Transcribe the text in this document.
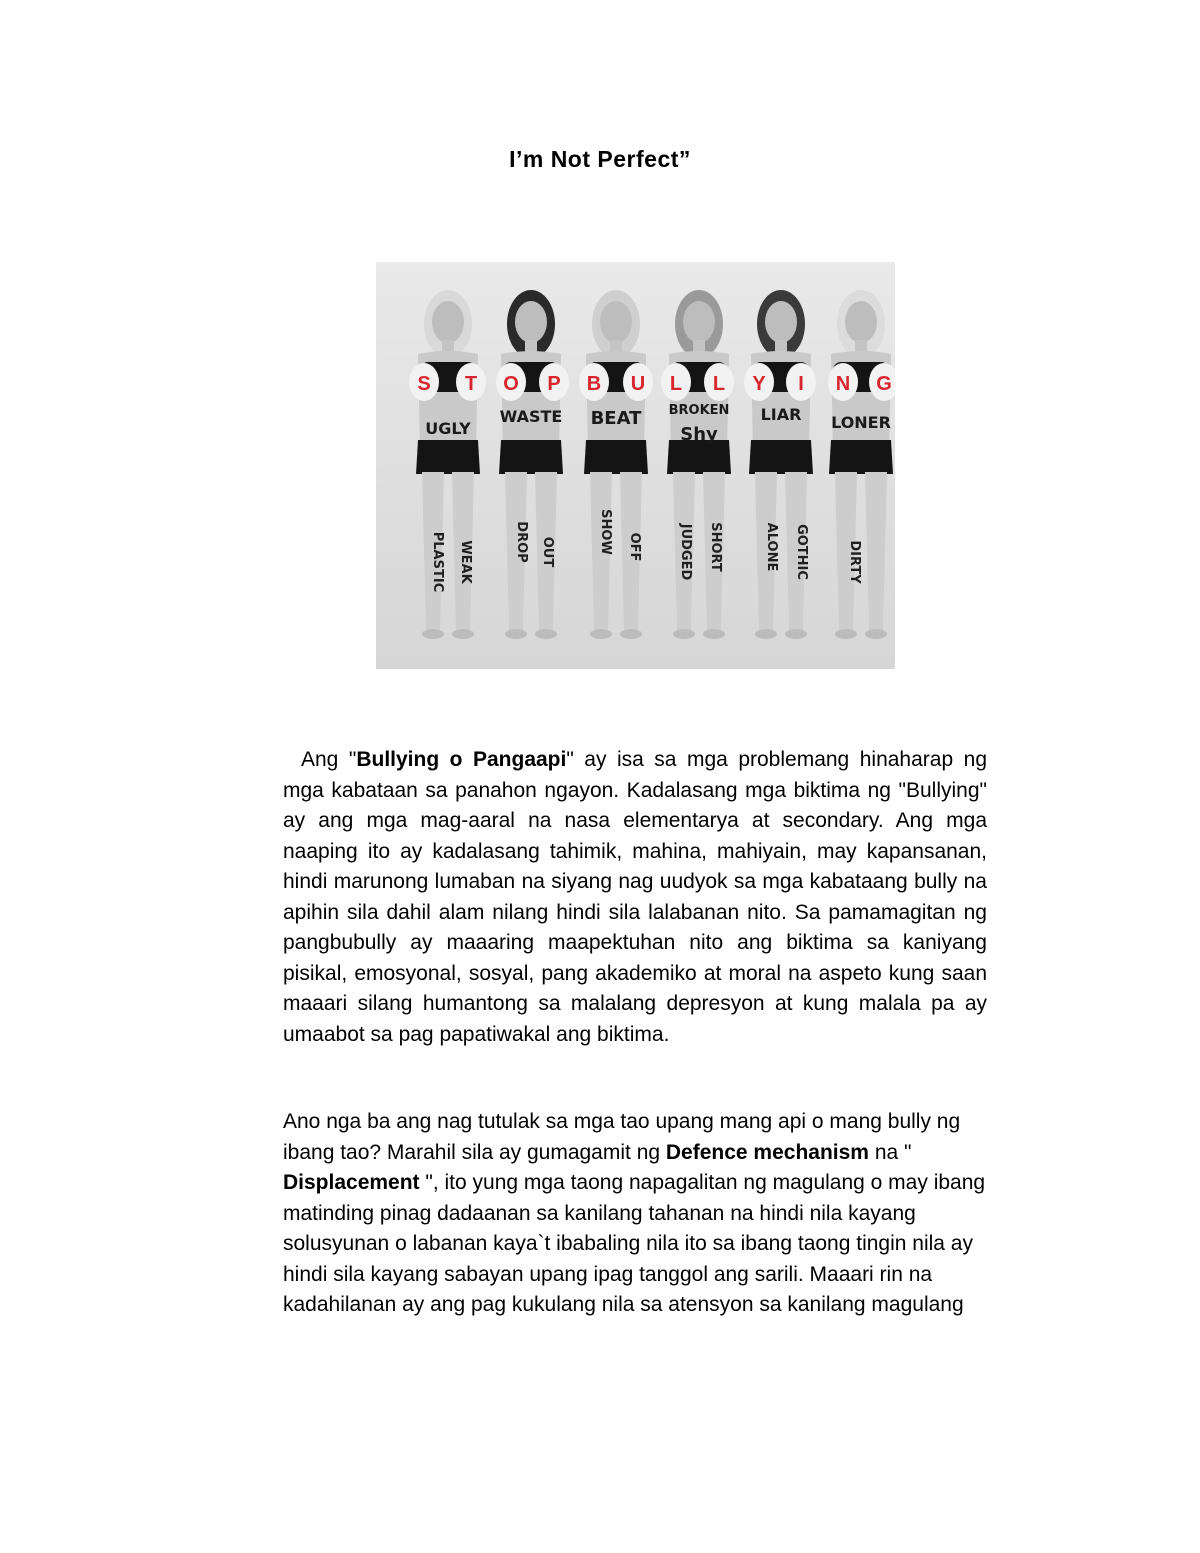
I’m Not Perfect”
S T O P B U L L Y I N G
UGLY
WASTE BEAT BROKEN
Shy
LIAR LONER
PLASTIC WEAK	DROP OUT	SHOW OFF	JUDGED SHORT	ALONE GOTHIC	DIRTY
Ang "Bullying o Pangaapi" ay isa sa mga problemang hinaharap ng mga kabataan sa panahon ngayon. Kadalasang mga biktima ng "Bullying" ay ang mga mag-aaral na nasa elementarya at secondary. Ang mga naaping ito ay kadalasang tahimik, mahina, mahiyain, may kapansanan, hindi marunong lumaban na siyang nag uudyok sa mga kabataang bully na apihin sila dahil alam nilang hindi sila lalabanan nito. Sa pamamagitan ng pangbubully ay maaaring maapektuhan nito ang biktima sa kaniyang pisikal, emosyonal, sosyal, pang akademiko at moral na aspeto kung saan maaari silang humantong sa malalang depresyon at kung malala pa ay umaabot sa pag papatiwakal ang biktima.
Ano nga ba ang nag tutulak sa mga tao upang mang api o mang bully ng ibang tao? Marahil sila ay gumagamit ng Defence mechanism na " Displacement ", ito yung mga taong napagalitan ng magulang o may ibang matinding pinag dadaanan sa kanilang tahanan na hindi nila kayang solusyunan o labanan kaya`t ibabaling nila ito sa ibang taong tingin nila ay hindi sila kayang sabayan upang ipag tanggol ang sarili. Maaari rin na kadahilanan ay ang pag kukulang nila sa atensyon sa kanilang magulang
